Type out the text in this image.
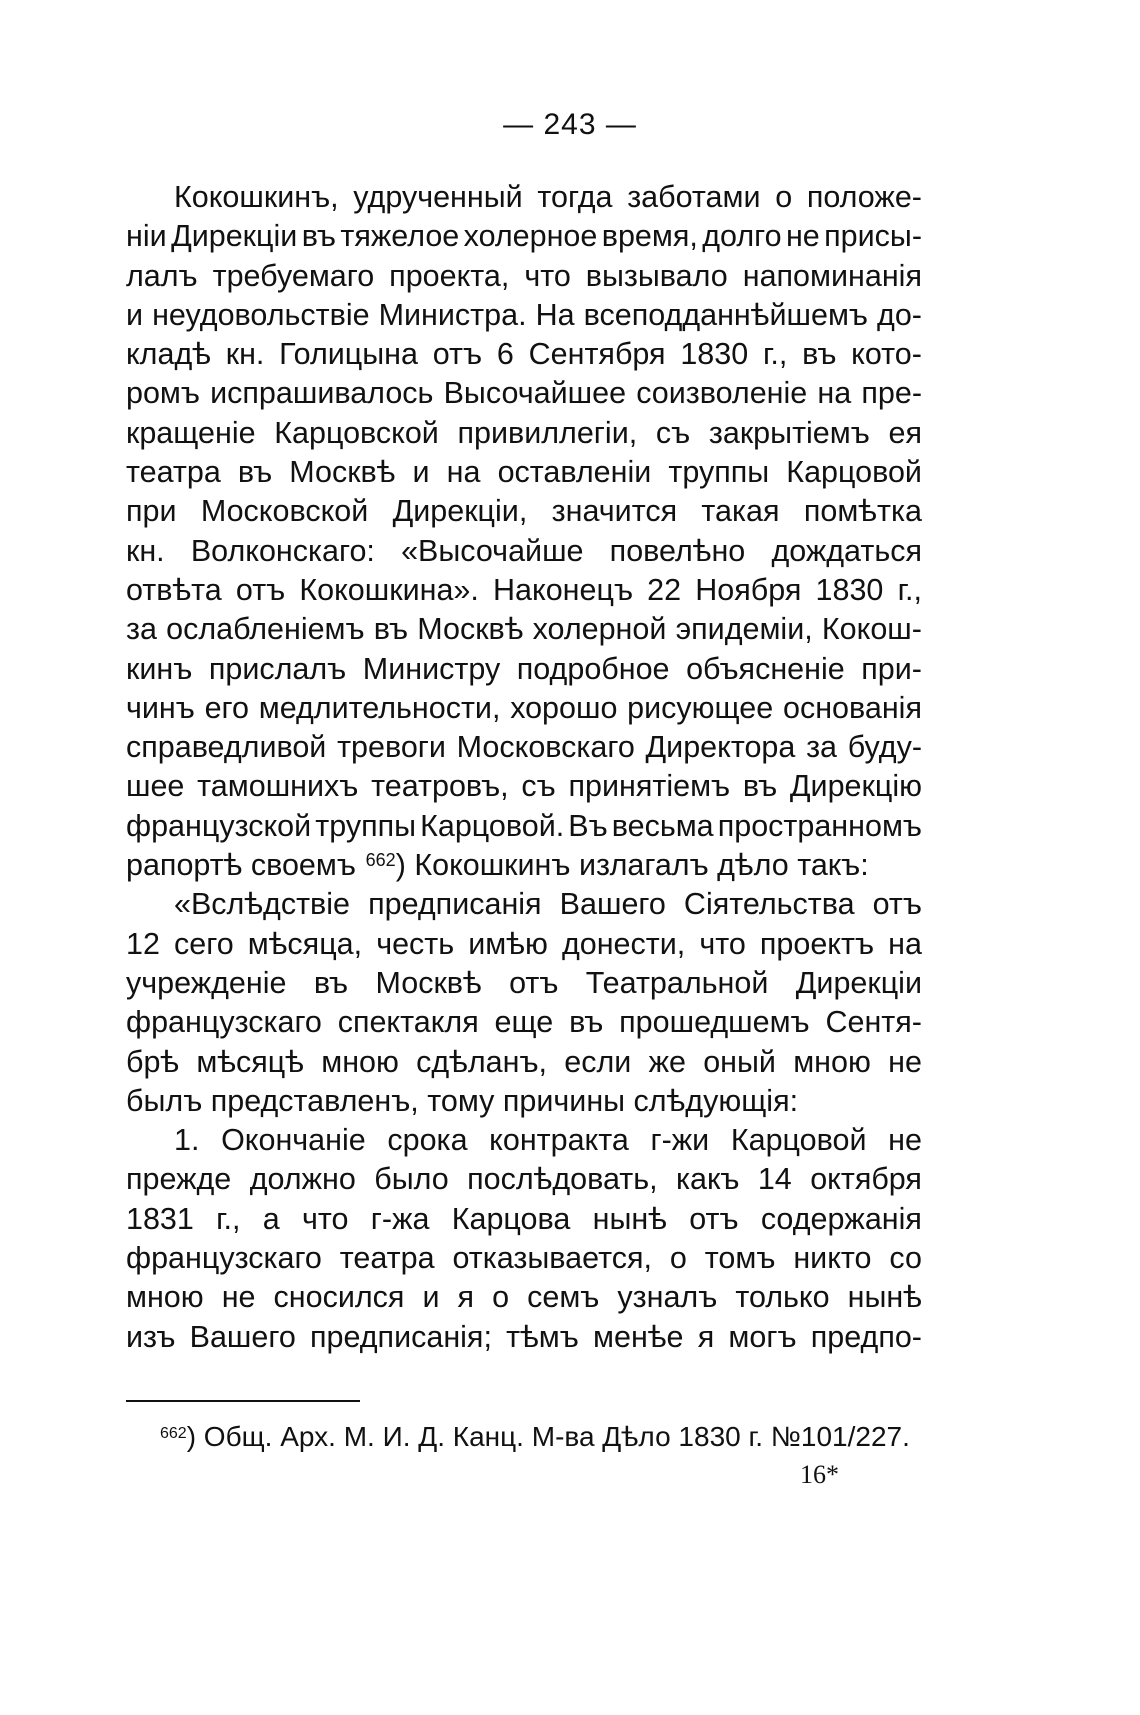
— 243 —
Кокошкинъ, удрученный тогда заботами о положе-
ніи Дирекціи въ тяжелое холерное время, долго не присы-
лалъ требуемаго проекта, что вызывало напоминанія
и неудовольствіе Министра. На всеподданнѣйшемъ до-
кладѣ кн. Голицына отъ 6 Сентября 1830 г., въ кото-
ромъ испрашивалось Высочайшее соизволеніе на пре-
кращеніе Карцовской привиллегіи, съ закрытіемъ ея
театра въ Москвѣ и на оставленіи труппы Карцовой
при Московской Дирекціи, значится такая помѣтка
кн. Волконскаго: «Высочайше повелѣно дождаться
отвѣта отъ Кокошкина». Наконецъ 22 Ноября 1830 г.,
за ослабленіемъ въ Москвѣ холерной эпидеміи, Кокош-
кинъ прислалъ Министру подробное объясненіе при-
чинъ его медлительности, хорошо рисующее основанія
справедливой тревоги Московскаго Директора за буду-
шее тамошнихъ театровъ, съ принятіемъ въ Дирекцію
французской труппы Карцовой. Въ весьма пространномъ
рапортѣ своемъ $^{662}$) Кокошкинъ излагалъ дѣло такъ:
«Вслѣдствіе предписанія Вашего Сіятельства отъ
12 сего мѣсяца, честь имѣю донести, что проектъ на
учрежденіе въ Москвѣ отъ Театральной Дирекціи
французскаго спектакля еще въ прошедшемъ Сентя-
брѣ мѣсяцѣ мною сдѣланъ, если же оный мною не
былъ представленъ, тому причины слѣдующія:
1. Окончаніе срока контракта г-жи Карцовой не
прежде должно было послѣдовать, какъ 14 октября
1831 г., а что г-жа Карцова нынѣ отъ содержанія
французскаго театра отказывается, о томъ никто со
мною не сносился и я о семъ узналъ только нынѣ
изъ Вашего предписанія; тѣмъ менѣе я могъ предпо-
$^{662}$) Общ. Арх. М. И. Д. Канц. М-ва Дѣло 1830 г. №101/227.
16*
